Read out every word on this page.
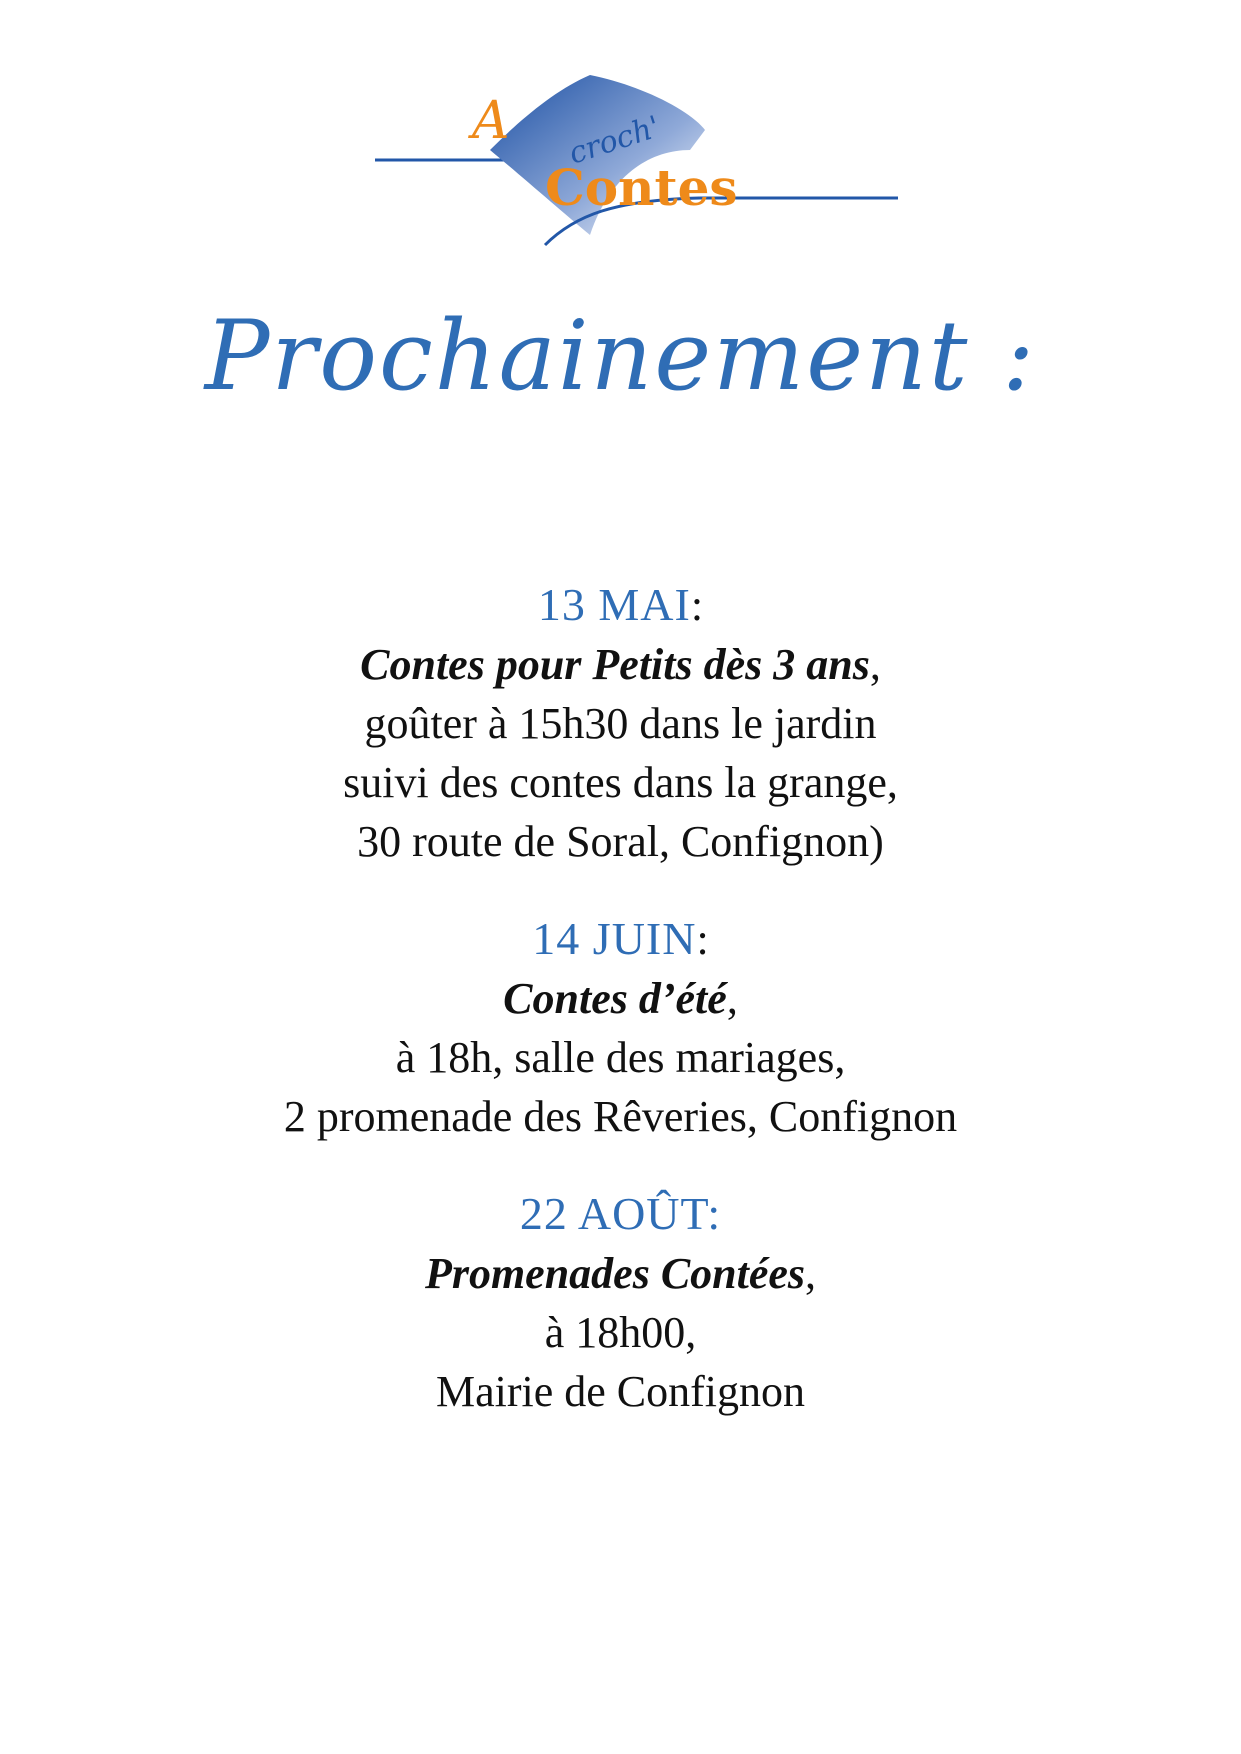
A croch'
Contes
Prochainement :
13 MAI:
Contes pour Petits dès 3 ans,
goûter à 15h30 dans le jardin
suivi des contes dans la grange,
30 route de Soral, Confignon)
14 JUIN:
Contes d’été,
à 18h, salle des mariages,
2 promenade des Rêveries, Confignon
22 AOÛT:
Promenades Contées,
à 18h00,
Mairie de Confignon
